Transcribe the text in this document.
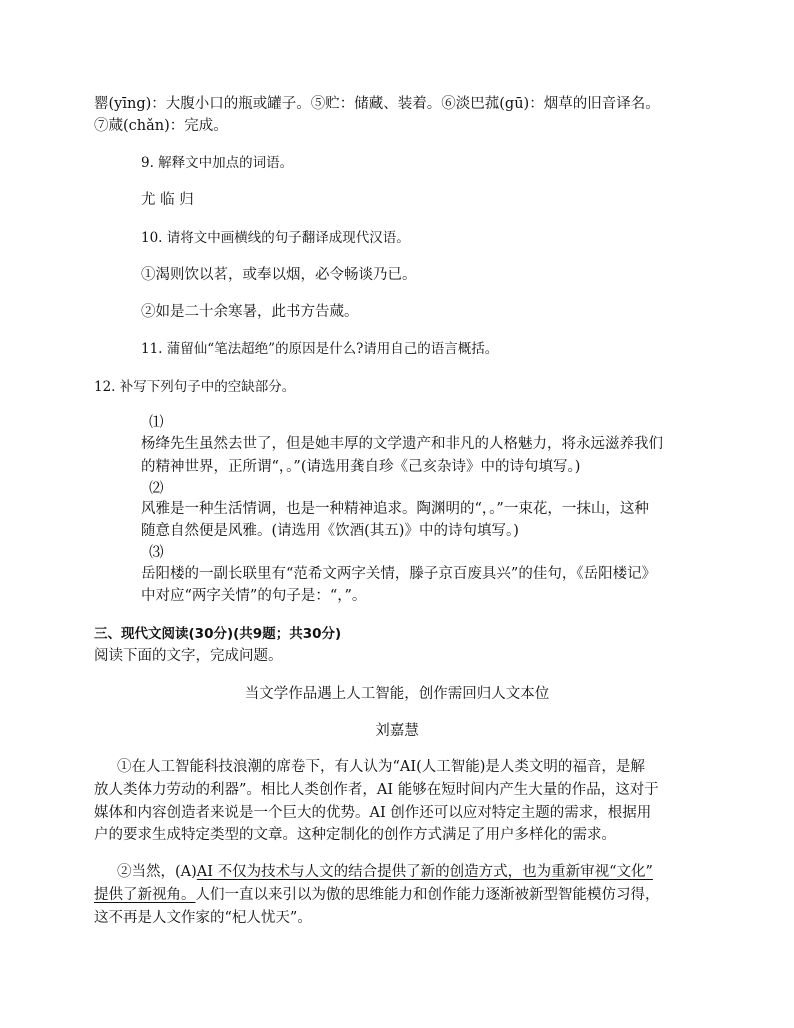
罂(yīng)：大腹小口的瓶或罐子。⑤贮：储藏、装着。⑥淡巴菰(gū)：烟草的旧音译名。
⑦蒇(chǎn)：完成。
9. 解释文中加点的词语。
尤 临 归
10. 请将文中画横线的句子翻译成现代汉语。
①渴则饮以茗，或奉以烟，必令畅谈乃已。
②如是二十余寒暑，此书方告蒇。
11. 蒲留仙“笔法超绝”的原因是什么?请用自己的语言概括。
12. 补写下列句子中的空缺部分。
⑴
杨绛先生虽然去世了，但是她丰厚的文学遗产和非凡的人格魅力，将永远滋养我们
的精神世界，正所谓“，。”(请选用龚自珍《己亥杂诗》中的诗句填写。)
⑵
风雅是一种生活情调，也是一种精神追求。陶渊明的“，。”一束花，一抹山，这种
随意自然便是风雅。(请选用《饮酒(其五)》中的诗句填写。)
⑶
岳阳楼的一副长联里有“范希文两字关情，滕子京百废具兴”的佳句，《岳阳楼记》
中对应“两字关情”的句子是：“，”。
三、现代文阅读(30分)(共9题；共30分)
阅读下面的文字，完成问题。
当文学作品遇上人工智能，创作需回归人文本位
刘嘉慧
①在人工智能科技浪潮的席卷下，有人认为“AI(人工智能)是人类文明的福音，是解
放人类体力劳动的利器”。相比人类创作者，AI 能够在短时间内产生大量的作品，这对于
媒体和内容创造者来说是一个巨大的优势。AI 创作还可以应对特定主题的需求，根据用
户的要求生成特定类型的文章。这种定制化的创作方式满足了用户多样化的需求。
②当然，(A)AI 不仅为技术与人文的结合提供了新的创造方式，也为重新审视“文化”
提供了新视角。人们一直以来引以为傲的思维能力和创作能力逐渐被新型智能模仿习得，
这不再是人文作家的“杞人忧天”。
